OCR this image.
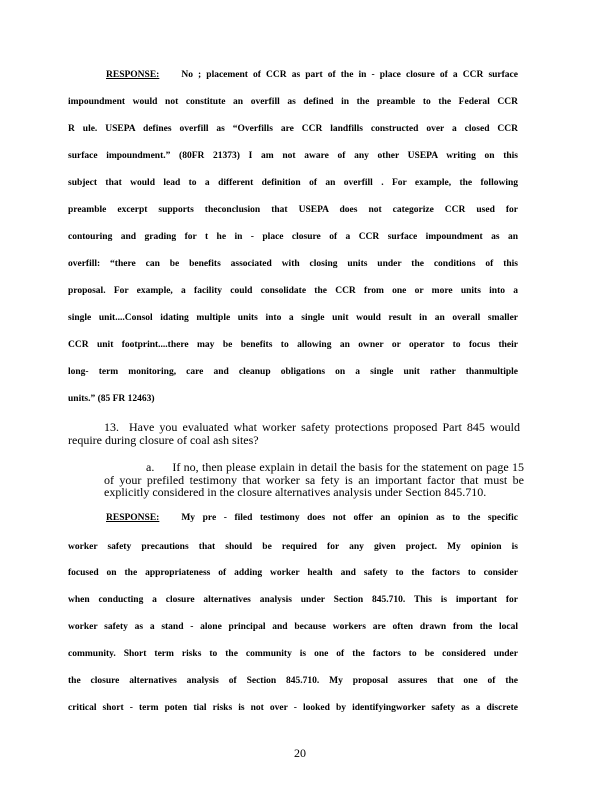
RESPONSE: No ; placement of CCR as part of the in - place closure of a CCR surface
impoundment would not constitute an overfill as defined in the preamble to the Federal CCR
R ule. USEPA defines overfill as “Overfills are CCR landfills constructed over a closed CCR
surface impoundment.” (80FR 21373) I am not aware of any other USEPA writing on this
subject that would lead to a different definition of an overfill . For example, the following
preamble excerpt supports theconclusion that USEPA does not categorize CCR used for
contouring and grading for t he in - place closure of a CCR surface impoundment as an
overfill: “there can be benefits associated with closing units under the conditions of this
proposal. For example, a facility could consolidate the CCR from one or more units into a
single unit....Consol idating multiple units into a single unit would result in an overall smaller
CCR unit footprint....there may be benefits to allowing an owner or operator to focus their
long- term monitoring, care and cleanup obligations on a single unit rather thanmultiple
units.” (85 FR 12463)
13. Have you evaluated what worker safety protections proposed Part 845 would require during closure of coal ash sites?
a. If no, then please explain in detail the basis for the statement on page 15 of your prefiled testimony that worker sa fety is an important factor that must be explicitly considered in the closure alternatives analysis under Section 845.710.
RESPONSE: My pre - filed testimony does not offer an opinion as to the specific
worker safety precautions that should be required for any given project. My opinion is
focused on the appropriateness of adding worker health and safety to the factors to consider
when conducting a closure alternatives analysis under Section 845.710. This is important for
worker safety as a stand - alone principal and because workers are often drawn from the local
community. Short term risks to the community is one of the factors to be considered under
the closure alternatives analysis of Section 845.710. My proposal assures that one of the
critical short - term poten tial risks is not over - looked by identifyingworker safety as a discrete
20
